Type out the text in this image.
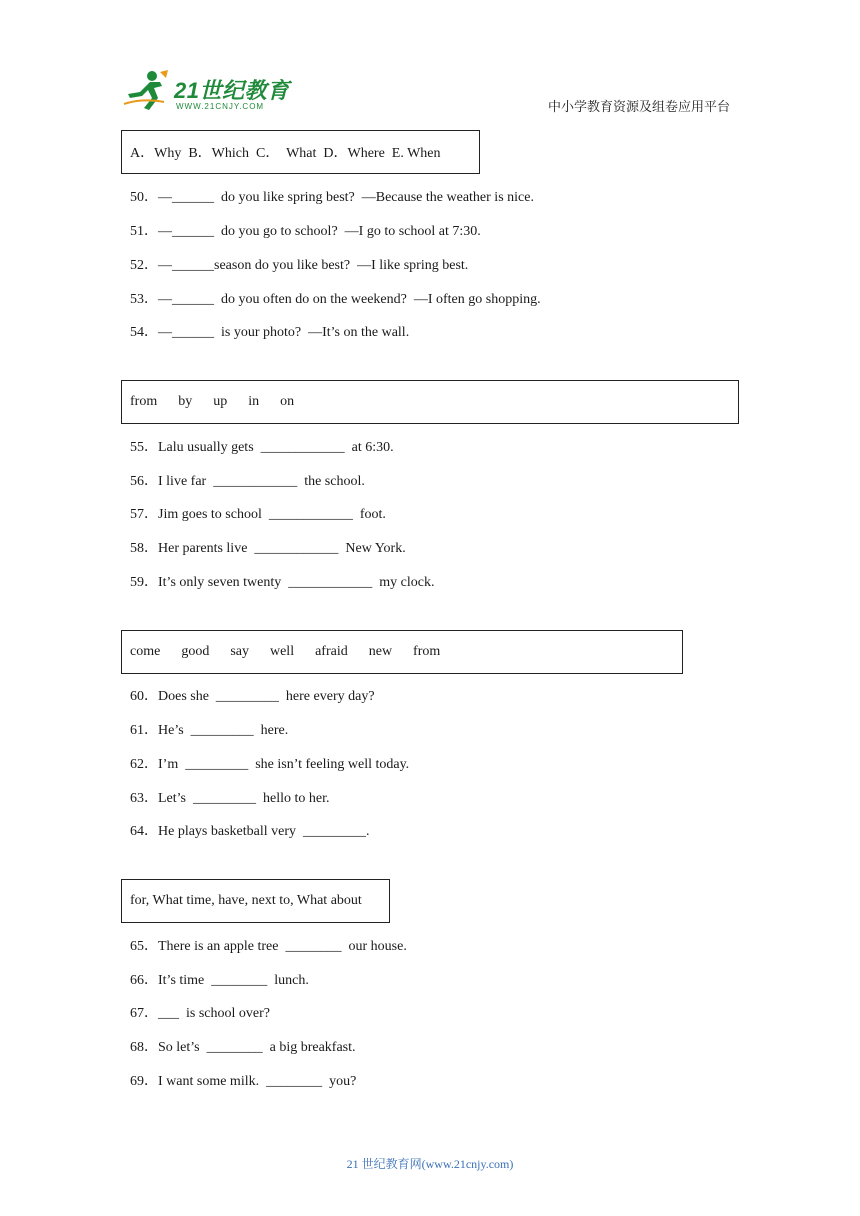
21世纪教育
WWW.21CNJY.COM	中小学教育资源及组卷应用平台
A．Why  B．Which  C．  What  D．Where  E. When
50．—______  do you like spring best?  —Because the weather is nice.
51．—______  do you go to school?  —I go to school at 7:30.
52．—______season do you like best?  —I like spring best.
53．—______  do you often do on the weekend?  —I often go shopping.
54．—______  is your photo?  —It’s on the wall.
from      by      up      in      on
55．Lalu usually gets  ____________  at 6:30.
56．I live far  ____________  the school.
57．Jim goes to school  ____________  foot.
58．Her parents live  ____________  New York.
59．It’s only seven twenty  ____________  my clock.
come      good      say      well      afraid      new      from
60．Does she  _________  here every day?
61．He’s  _________  here.
62．I’m  _________  she isn’t feeling well today.
63．Let’s  _________  hello to her.
64．He plays basketball very  _________.
for, What time, have, next to, What about
65．There is an apple tree  ________  our house.
66．It’s time  ________  lunch.
67．___  is school over?
68．So let’s  ________  a big breakfast.
69．I want some milk.  ________  you?
21 世纪教育网(www.21cnjy.com)
